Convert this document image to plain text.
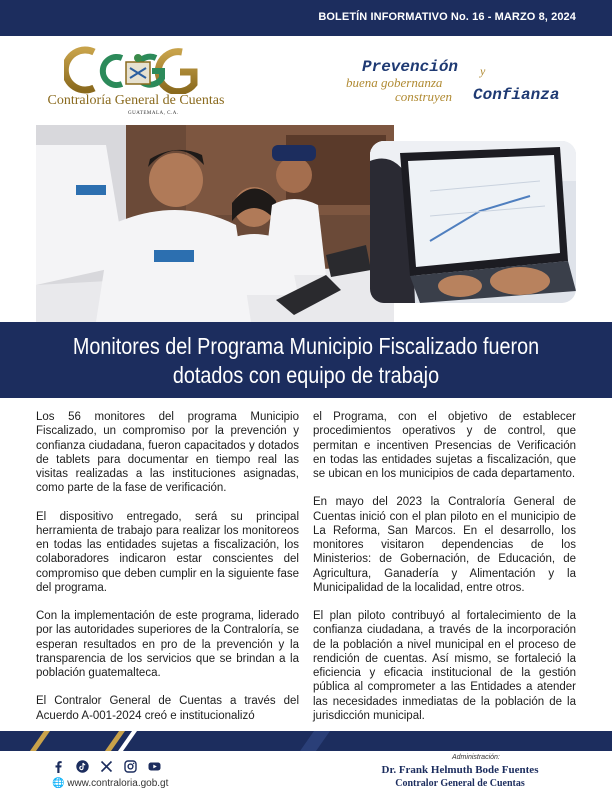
BOLETÍN INFORMATIVO No. 16 - MARZO 8, 2024
Contraloría General de Cuentas
GUATEMALA, C.A.
Prevención y
buena gobernanza
construyen Confianza
Monitores del Programa Municipio Fiscalizado fueron
dotados con equipo de trabajo

Los 56 monitores del programa Municipio Fiscalizado, un compromiso por la prevención y confianza ciudadana, fueron capacitados y dotados de tablets para documentar en tiempo real las visitas realizadas a las instituciones asignadas, como parte de la fase de verificación.

El dispositivo entregado, será su principal herramienta de trabajo para realizar los monitoreos en todas las entidades sujetas a fiscalización, los colaboradores indicaron estar conscientes del compromiso que deben cumplir en la siguiente fase del programa.

Con la implementación de este programa, liderado por las autoridades superiores de la Contraloría, se esperan resultados en pro de la prevención y la transparencia de los servicios que se brindan a la población guatemalteca.

El Contralor General de Cuentas a través del Acuerdo A-001-2024 creó e institucionalizó

el Programa, con el objetivo de establecer procedimientos operativos y de control, que permitan e incentiven Presencias de Verificación en todas las entidades sujetas a fiscalización, que se ubican en los municipios de cada departamento.

En mayo del 2023 la Contraloría General de Cuentas inició con el plan piloto en el municipio de La Reforma, San Marcos. En el desarrollo, los monitores visitaron dependencias de los Ministerios: de Gobernación, de Educación, de Agricultura, Ganadería y Alimentación y la Municipalidad de la localidad, entre otros.

El plan piloto contribuyó al fortalecimiento de la confianza ciudadana, a través de la incorporación de la población a nivel municipal en el proceso de rendición de cuentas. Así mismo, se fortaleció la eficiencia y eficacia institucional de la gestión pública al comprometer a las Entidades a atender las necesidades inmediatas de la población de la jurisdicción municipal.

🌐 www.contraloria.gob.gt
Administración:
Dr. Frank Helmuth Bode Fuentes
Contralor General de Cuentas
